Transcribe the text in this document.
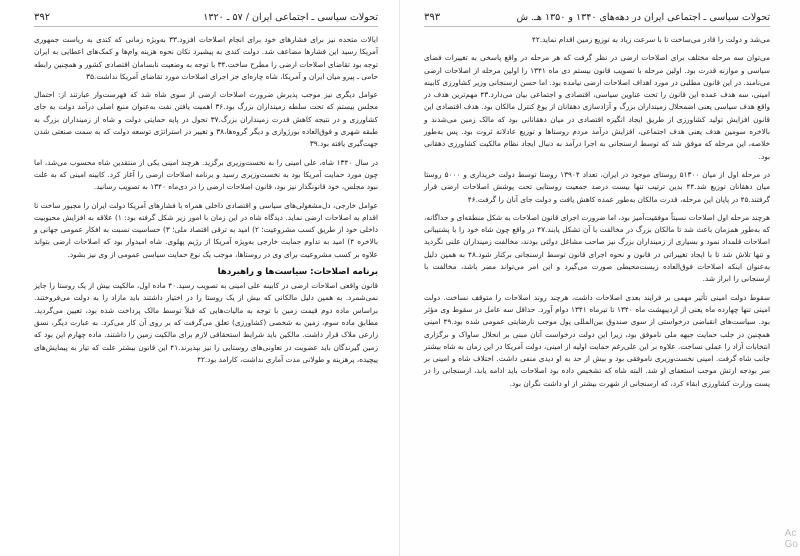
تحولات سیاسی ـ اجتماعی ایران / ۵۷ ـ ۱۳۲۰
۳۹۲

ایالات متحده نیز برای فشارهای خود برای انجام اصلاحات افزود.۳۳ به‌ویژه زمانی که کندی به ریاست جمهوری آمریکا رسید این فشارها مضاعف شد. دولت کندی به پیشبرد تکان نحوه هزینه وام‌ها و کمک‌های اعطایی به ایران توجه بود تقاضای اصلاحات ارضی را مطرح ساخت.۳۴ با توجه به وضعیت نابسامان اقتصادی کشور و همچنین رابطه حامی ـ پیرو میان ایران و آمریکا، شاه چاره‌ای جز اجرای اصلاحات مورد تقاضای آمریکا نداشت.۳۵

عوامل دیگری نیز موجب پذیرش ضرورت اصلاحات ارضی از سوی شاه شد که فهرست‌وار عبارتند از: احتمال مجلس بیستم که تحت سلطه زمینداران بزرگ بود.۳۶ اهمیت یافتن نقت به‌عنوان منبع اصلی درآمد دولت به جای کشاورزی و در نتیجه کاهش قدرت زمینداران بزرگ.۳۷ تحول در پایه حمایتی دولت و شاه از زمینداران بزرگ به طبقه شهری و فوق‌العاده بورژوازی و دیگر گروه‌ها،۳۸ و تغییر در استراتژی توسعه دولت که به سمت صنعتی شدن جهت‌گیری یافته بود.۳۹

در سال ۱۳۴۰ شاه، علی امینی را به نخست‌وزیری برگزید. هرچند امینی یکی از منتقدین شاه محسوب می‌شد، اما چون مورد حمایت آمریکا بود به نخست‌وزیری رسید و برنامه اصلاحات ارضی را آغاز کرد. کابینه امینی که به علت نبود مجلس، خود قانونگذار نیز بود، قانون اصلاحات ارضی را در دی‌ماه ۱۳۴۰ به تصویب رسانید.

عوامل خارجی، دل‌مشغولی‌های سیاسی و اقتصادی داخلی همراه با فشارهای آمریکا دولت ایران را مجبور ساخت تا اقدام به اصلاحات ارضی نماید. دیدگاه شاه در این زمان با امور زیر شکل گرفته بود: ۱) علاقه به افزایش محبوبیت داخلی خود از طریق کسب مشروعیت؛ ۲) امید به ترقی اقتصاد ملی؛ ۳) حساسیت نسبت به افکار عمومی جهانی و بالاخره ۴) امید به تداوم حمایت خارجی به‌ویژه آمریکا از رژیم پهلوی. شاه امیدوار بود که اصلاحات ارضی بتواند علاوه بر کسب مشروعیت برای وی در روستاها، موجب یک نوع حمایت سیاسی عمومی از وی نیز بشود.

برنامه اصلاحات: سیاست‌ها و راهبردها

قانون واقعی اصلاحات ارضی در کابینه علی امینی به تصویب رسید.۴۰ ماده اول، مالکیت بیش از یک روستا را جایز نمی‌شمرد. به همین دلیل مالکانی که بیش از یک روستا را در اختیار داشتند باید مازاد را به دولت می‌فروختند. براساس ماده دوم قیمت زمین با توجه به مالیات‌هایی که قبلاً توسط مالک پرداخت شده بود، تعیین می‌گردید. مطابق ماده سوم، زمین به شخصی (کشاورزی) تعلق می‌گرفت که بر روی آن کار می‌کرد. به عبارت دیگر، نسق زارعی ملاک قرار داشت. مالکین باید شرایط استحقاقی لازم برای مالکیت زمین را داشتند. ماده چهارم این بود که زمین گیرندگان باید عضویت در تعاونی‌های روستایی را نیز بپذیرند.۴۱ این قانون بیشتر علت که تیار به پیمایش‌های پیچیده، پرهزینه و طولانی مدت آماری نداشت، کارامد بود.۴۲

تحولات سیاسی ـ اجتماعی ایران در دهه‌های ۱۳۴۰ و ۱۳۵۰ هـ. ش
۳۹۳

می‌شد و دولت را قادر می‌ساخت تا با سرعت زیاد به توزیع زمین اقدام نماید.۴۲

می‌توان سه مرحله مختلف برای اصلاحات ارضی در نظر گرفت که هر مرحله در واقع پاسخی به تغییرات فضای سیاسی و موازنه قدرت بود. اولین مرحله با تصویب قانون بیستم دی ماه ۱۳۴۱ را اولین مرحله از اصلاحات ارضی می‌نامند. در این قانون مطلبی در مورد اهداف اصلاحات ارضی نیامده بود. اما حسن ارسنجانی وزیر کشاورزی کابینه امینی، سه هدف عمده این قانون را تحت عناوین سیاسی، اقتصادی و اجتماعی بیان می‌دارد.۴۳ مهم‌ترین هدف در واقع هدف سیاسی یعنی اضمحلال زمینداران بزرگ و آزادسازی دهقانان از یوغ کنترل مالکان بود. هدف اقتصادی این قانون افزایش تولید کشاورزی از طریق ایجاد انگیزه اقتصادی در میان دهقانانی بود که مالک زمین می‌شدند و بالاخره سومین هدف یعنی هدف اجتماعی، افزایش درآمد مردم روستاها و توزیع عادلانه ثروت بود. پس به‌طور خلاصه، این مرحله که موفق شد که توسط ارسنجانی به اجرا درآمد به دنبال ایجاد نظام مالکیت کشاورزی دهقانی بود.

در مرحله اول از میان ۵۱۳۰۰ روستای موجود در ایران، تعداد ۱۳۹۰۴ روستا توسط دولت خریداری و ۵۰۰۰ روستا میان دهقانان توزیع شد.۴۴ بدین ترتیب تنها بیست درصد جمعیت روستایی تحت پوشش اصلاحات ارضی قرار گرفتند.۴۵ در پایان این مرحله، قدرت مالکان به‌طور عمده کاهش یافت و دولت جای آنان را گرفت.۴۶

هرچند مرحله اول اصلاحات نسبتاً موفقیت‌آمیز بود، اما ضرورت اجرای قانون اصلاحات به شکل منطقه‌ای و جداگانه، که به‌طور همزمان باعث شد تا مالکان بزرگ در مخالفت با آن تشکل یابند.۴۷ در واقع چون شاه خود را با پشتیبانی اصلاحات قلمداد نمود و بسیاری از زمینداران بزرگ نیز صاحب مشاغل دولتی بودند، مخالفت زمینداران علنی نگردید و تنها تلاش شد تا با ایجاد تغییراتی در قانون و نحوه اجرای قانون توسط ارسنجانی برکنار شود.۴۸ به همین دلیل به‌عنوان اینکه اصلاحات فوق‌العاده زیست‌محیطی صورت می‌گیرد و این امر می‌تواند مضر باشد، مخالفت با ارسنجانی را ابراز شد.

سقوط دولت امینی تأثیر مهمی بر فرایند بعدی اصلاحات داشت، هرچند روند اصلاحات را متوقف نساخت. دولت امینی تنها چهارده ماه یعنی از اردیبهشت ماه ۱۳۴۰ تا تیرماه ۱۳۴۱ دوام آورد. حداقل سه عامل در سقوط وی مؤثر بود. سیاست‌های انقباضی درخواستی از سوی صندوق بین‌المللی پول موجب نارضایتی عمومی شده بود.۴۹ امینی همچنین در جلب حمایت جبهه ملی ناموفق بود، زیرا این دولت درخواست آنان مبنی بر انحلال ساواک و برگزاری انتخابات آزاد را عملی نساخت. علاوه بر این علی‌رغم حمایت اولیه از امینی، دولت آمریکا در این زمان به شاه بیشتر جانب شاه گرفت. امینی نخست‌وزیری ناموفقی بود و بیش از حد به او دیدی منفی داشت. اختلاف شاه و امینی بر سر بودجه ارتش موجب استعفای او شد. البته شاه که تشخیص داده بود اصلاحات باید ادامه یابد، ارسنجانی را در پست وزارت کشاورزی ابقاء کرد، که ارسنجانی از شهرت بیشتر از او داشت نگران بود.

Ac
Go
